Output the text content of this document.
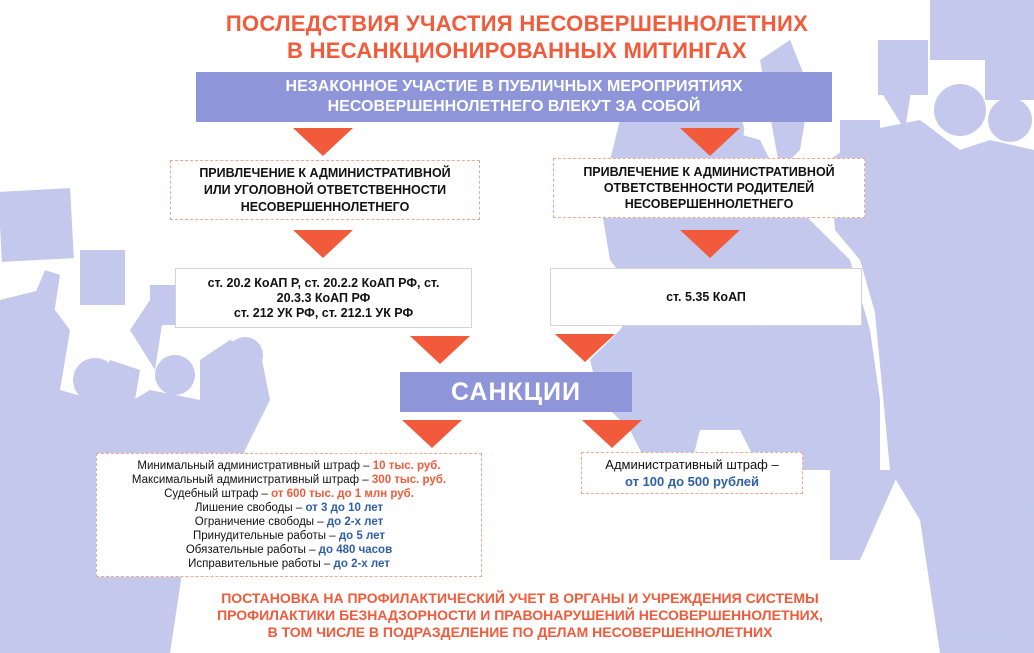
ПОСЛЕДСТВИЯ УЧАСТИЯ НЕСОВЕРШЕННОЛЕТНИХ
В НЕСАНКЦИОНИРОВАННЫХ МИТИНГАХ
НЕЗАКОННОЕ УЧАСТИЕ В ПУБЛИЧНЫХ МЕРОПРИЯТИЯХ
НЕСОВЕРШЕННОЛЕТНЕГО ВЛЕКУТ ЗА СОБОЙ
ПРИВЛЕЧЕНИЕ К АДМИНИСТРАТИВНОЙ
ИЛИ УГОЛОВНОЙ ОТВЕТСТВЕННОСТИ
НЕСОВЕРШЕННОЛЕТНЕГО
ПРИВЛЕЧЕНИЕ К АДМИНИСТРАТИВНОЙ
ОТВЕТСТВЕННОСТИ РОДИТЕЛЕЙ
НЕСОВЕРШЕННОЛЕТНЕГО
ст. 20.2 КоАП Р, ст. 20.2.2 КоАП РФ, ст.
20.3.3 КоАП РФ
ст. 212 УК РФ, ст. 212.1 УК РФ
ст. 5.35 КоАП
САНКЦИИ
Минимальный административный штраф – 10 тыс. руб.
Максимальный административный штраф – 300 тыс. руб.
Судебный штраф – от 600 тыс. до 1 млн руб.
Лишение свободы – от 3 до 10 лет
Ограничение свободы – до 2-х лет
Принудительные работы – до 5 лет
Обязательные работы – до 480 часов
Исправительные работы – до 2-х лет
Административный штраф –
от 100 до 500 рублей
ПОСТАНОВКА НА ПРОФИЛАКТИЧЕСКИЙ УЧЕТ В ОРГАНЫ И УЧРЕЖДЕНИЯ СИСТЕМЫ
ПРОФИЛАКТИКИ БЕЗНАДЗОРНОСТИ И ПРАВОНАРУШЕНИЙ НЕСОВЕРШЕННОЛЕТНИХ,
В ТОМ ЧИСЛЕ В ПОДРАЗДЕЛЕНИЕ ПО ДЕЛАМ НЕСОВЕРШЕННОЛЕТНИХ
